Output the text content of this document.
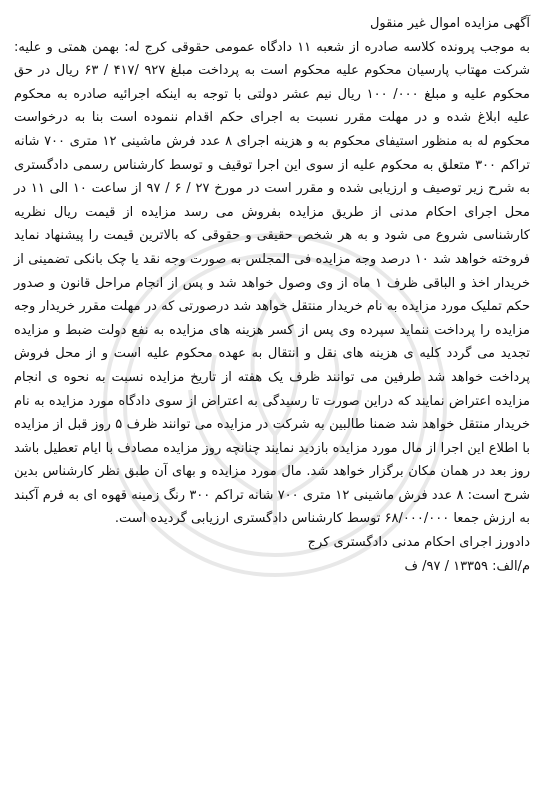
آگهی مزایده اموال غیر منقول

به موجب پرونده کلاسه صادره از شعبه ۱۱ دادگاه عمومی حقوقی کرج له: بهمن همتی و علیه: شرکت مهتاب پارسیان محکوم علیه محکوم است به پرداخت مبلغ ۹۲۷ /۴۱۷ / ۶۳ ریال در حق محکوم علیه و مبلغ ۰۰۰/ ۱۰۰ ریال نیم عشر دولتی با توجه به اینکه اجرائیه صادره به محکوم علیه ابلاغ شده و در مهلت مقرر نسبت به اجرای حکم اقدام ننموده است بنا به درخواست محکوم له به منظور استیفای محکوم به و هزینه اجرای ۸ عدد فرش ماشینی ۱۲ متری ۷۰۰ شانه تراکم ۳۰۰ متعلق به محکوم علیه از سوی این اجرا توقیف و توسط کارشناس رسمی دادگستری به شرح زیر توصیف و ارزیابی شده و مقرر است در مورخ ۲۷ / ۶ / ۹۷ از ساعت ۱۰ الی ۱۱ در محل اجرای احکام مدنی از طریق مزایده بفروش می رسد مزایده از قیمت ریال نظریه کارشناسی شروع می شود و به هر شخص حقیقی و حقوقی که بالاترین قیمت را پیشنهاد نماید فروخته خواهد شد ۱۰ درصد وجه مزایده فی المجلس به صورت وجه نقد یا چک بانکی تضمینی از خریدار اخذ و الباقی ظرف ۱ ماه از وی وصول خواهد شد و پس از انجام مراحل قانون و صدور حکم تملیک مورد مزایده به نام خریدار منتقل خواهد شد درصورتی که در مهلت مقرر خریدار وجه مزایده را پرداخت ننماید سپرده وی پس از کسر هزینه های مزایده به نفع دولت ضبط و مزایده تجدید می گردد کلیه ی هزینه های نقل و انتقال به عهده محکوم علیه است و از محل فروش پرداخت خواهد شد طرفین می توانند ظرف یک هفته از تاریخ مزایده نسبت به نحوه ی انجام مزایده اعتراض نمایند که دراین صورت تا رسیدگی به اعتراض از سوی دادگاه مورد مزایده به نام خریدار منتقل خواهد شد ضمنا طالبین به شرکت در مزایده می توانند ظرف ۵ روز قبل از مزایده با اطلاع این اجرا از مال مورد مزایده بازدید نمایند چنانچه روز مزایده مصادف با ایام تعطیل باشد روز بعد در همان مکان برگزار خواهد شد. مال مورد مزایده و بهای آن طبق نظر کارشناس بدین شرح است: ۸ عدد فرش ماشینی ۱۲ متری ۷۰۰ شانه تراکم ۳۰۰ رنگ زمینه قهوه ای به فرم آکبند به ارزش جمعا ۶۸/۰۰۰/۰۰۰ توسط کارشناس دادگستری ارزیابی گردیده است.

دادورز اجرای احکام مدنی دادگستری کرج

م/الف: ۱۳۳۵۹ / ۹۷/ ف
